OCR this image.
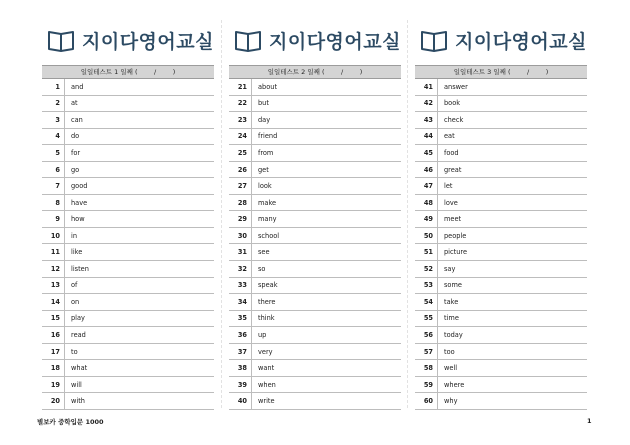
지이다영어교실
일일테스트 1 일째 (        /        )
1	and
2	at
3	can
4	do
5	for
6	go
7	good
8	have
9	how
10	in
11	like
12	listen
13	of
14	on
15	play
16	read
17	to
18	what
19	will
20	with
지이다영어교실
일일테스트 2 일째 (        /        )
21	about
22	but
23	day
24	friend
25	from
26	get
27	look
28	make
29	many
30	school
31	see
32	so
33	speak
34	there
35	think
36	up
37	very
38	want
39	when
40	write
지이다영어교실
일일테스트 3 일째 (        /        )
41	answer
42	book
43	check
44	eat
45	food
46	great
47	let
48	love
49	meet
50	people
51	picture
52	say
53	some
54	take
55	time
56	today
57	too
58	well
59	where
60	why
별보카 중학입문 1000	1
